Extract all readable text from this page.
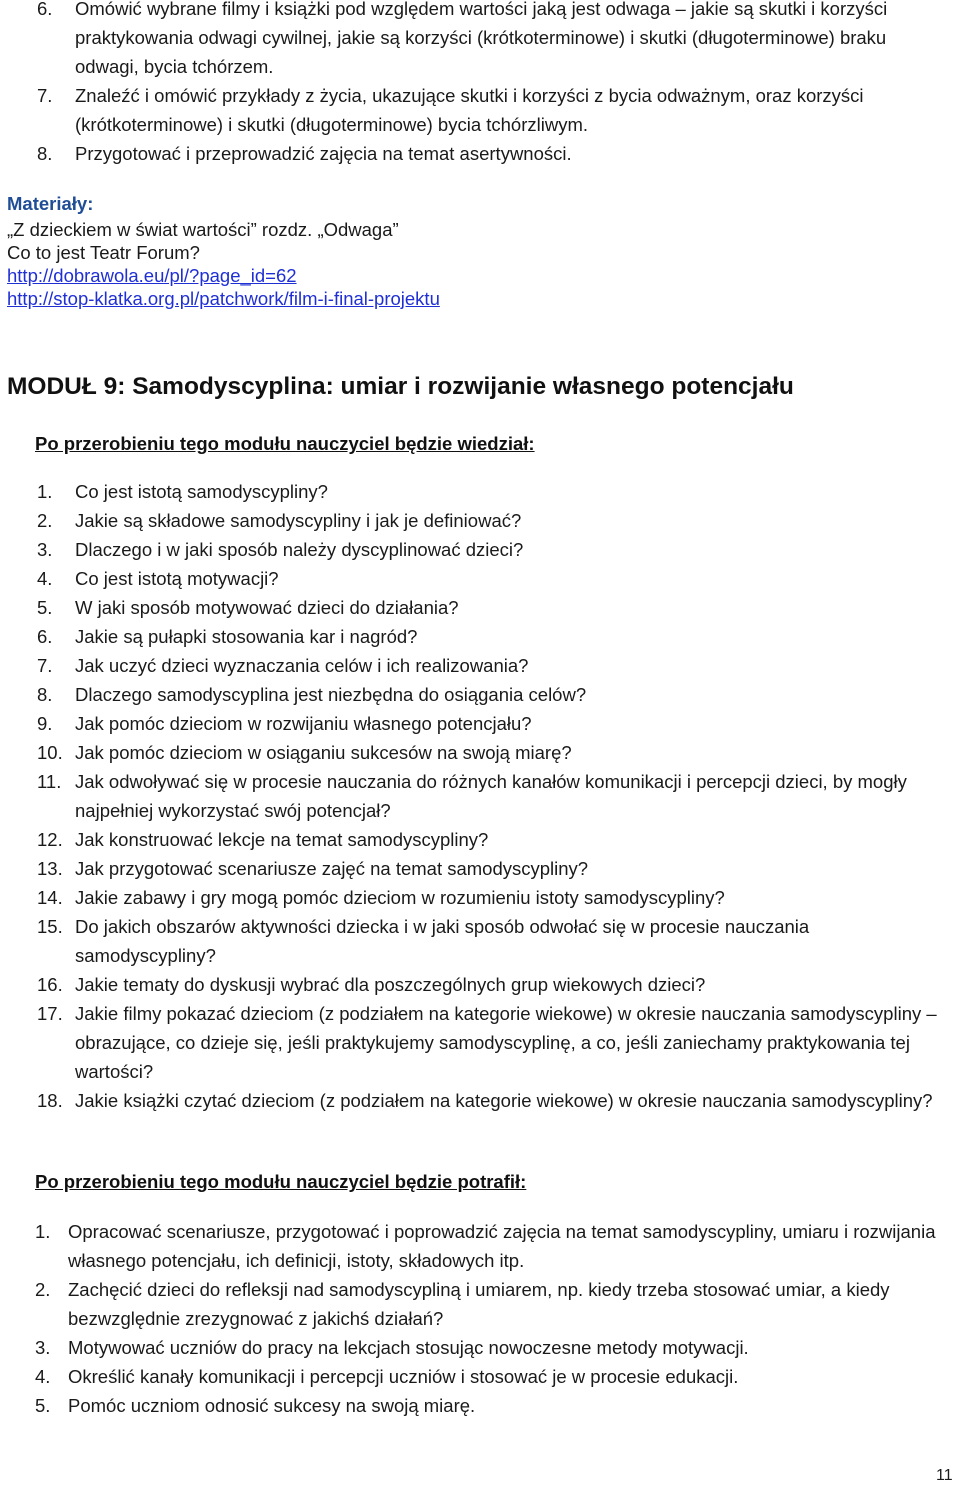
6.	Omówić wybrane filmy i książki pod względem wartości jaką jest odwaga – jakie są skutki i korzyści praktykowania odwagi cywilnej, jakie są korzyści (krótkoterminowe) i skutki (długoterminowe) braku odwagi, bycia tchórzem.
7.	Znaleźć i omówić przykłady z życia, ukazujące skutki i korzyści z bycia odważnym, oraz korzyści (krótkoterminowe) i skutki (długoterminowe) bycia tchórzliwym.
8.	Przygotować i przeprowadzić zajęcia na temat asertywności.
Materiały:
„Z dzieckiem w świat wartości” rozdz. „Odwaga”
Co to jest Teatr Forum?
http://dobrawola.eu/pl/?page_id=62
http://stop-klatka.org.pl/patchwork/film-i-final-projektu
MODUŁ 9: Samodyscyplina: umiar i rozwijanie własnego potencjału
Po przerobieniu tego modułu nauczyciel będzie wiedział:
1.	Co jest istotą samodyscypliny?
2.	Jakie są składowe samodyscypliny i jak je definiować?
3.	Dlaczego i w jaki sposób należy dyscyplinować dzieci?
4.	Co jest istotą motywacji?
5.	W jaki sposób motywować dzieci do działania?
6.	Jakie są pułapki stosowania kar i nagród?
7.	Jak uczyć dzieci wyznaczania celów i ich realizowania?
8.	Dlaczego samodyscyplina jest niezbędna do osiągania celów?
9.	Jak pomóc dzieciom w rozwijaniu własnego potencjału?
10. Jak pomóc dzieciom w osiąganiu sukcesów na swoją miarę?
11. Jak odwoływać się w procesie nauczania do różnych kanałów komunikacji i percepcji dzieci, by mogły najpełniej wykorzystać swój potencjał?
12. Jak konstruować lekcje na temat samodyscypliny?
13. Jak przygotować scenariusze zajęć na temat samodyscypliny?
14. Jakie zabawy i gry mogą pomóc dzieciom w rozumieniu istoty samodyscypliny?
15. Do jakich obszarów aktywności dziecka i w jaki sposób odwołać się w procesie nauczania samodyscypliny?
16. Jakie tematy do dyskusji wybrać dla poszczególnych grup wiekowych dzieci?
17. Jakie filmy pokazać dzieciom (z podziałem na kategorie wiekowe) w okresie nauczania samodyscypliny – obrazujące, co dzieje się, jeśli praktykujemy samodyscyplinę, a co, jeśli zaniechamy praktykowania tej wartości?
18. Jakie książki czytać dzieciom (z podziałem na kategorie wiekowe) w okresie nauczania samodyscypliny?
Po przerobieniu tego modułu nauczyciel będzie potrafił:
1. Opracować scenariusze, przygotować i poprowadzić zajęcia na temat samodyscypliny, umiaru i rozwijania własnego potencjału, ich definicji, istoty, składowych itp.
2. Zachęcić dzieci do refleksji nad samodyscypliną i umiarem, np. kiedy trzeba stosować umiar, a kiedy bezwzględnie zrezygnować z jakichś działań?
3. Motywować uczniów do pracy na lekcjach stosując nowoczesne metody motywacji.
4. Określić kanały komunikacji i percepcji uczniów i stosować je w procesie edukacji.
5. Pomóc uczniom odnosić sukcesy na swoją miarę.
11
